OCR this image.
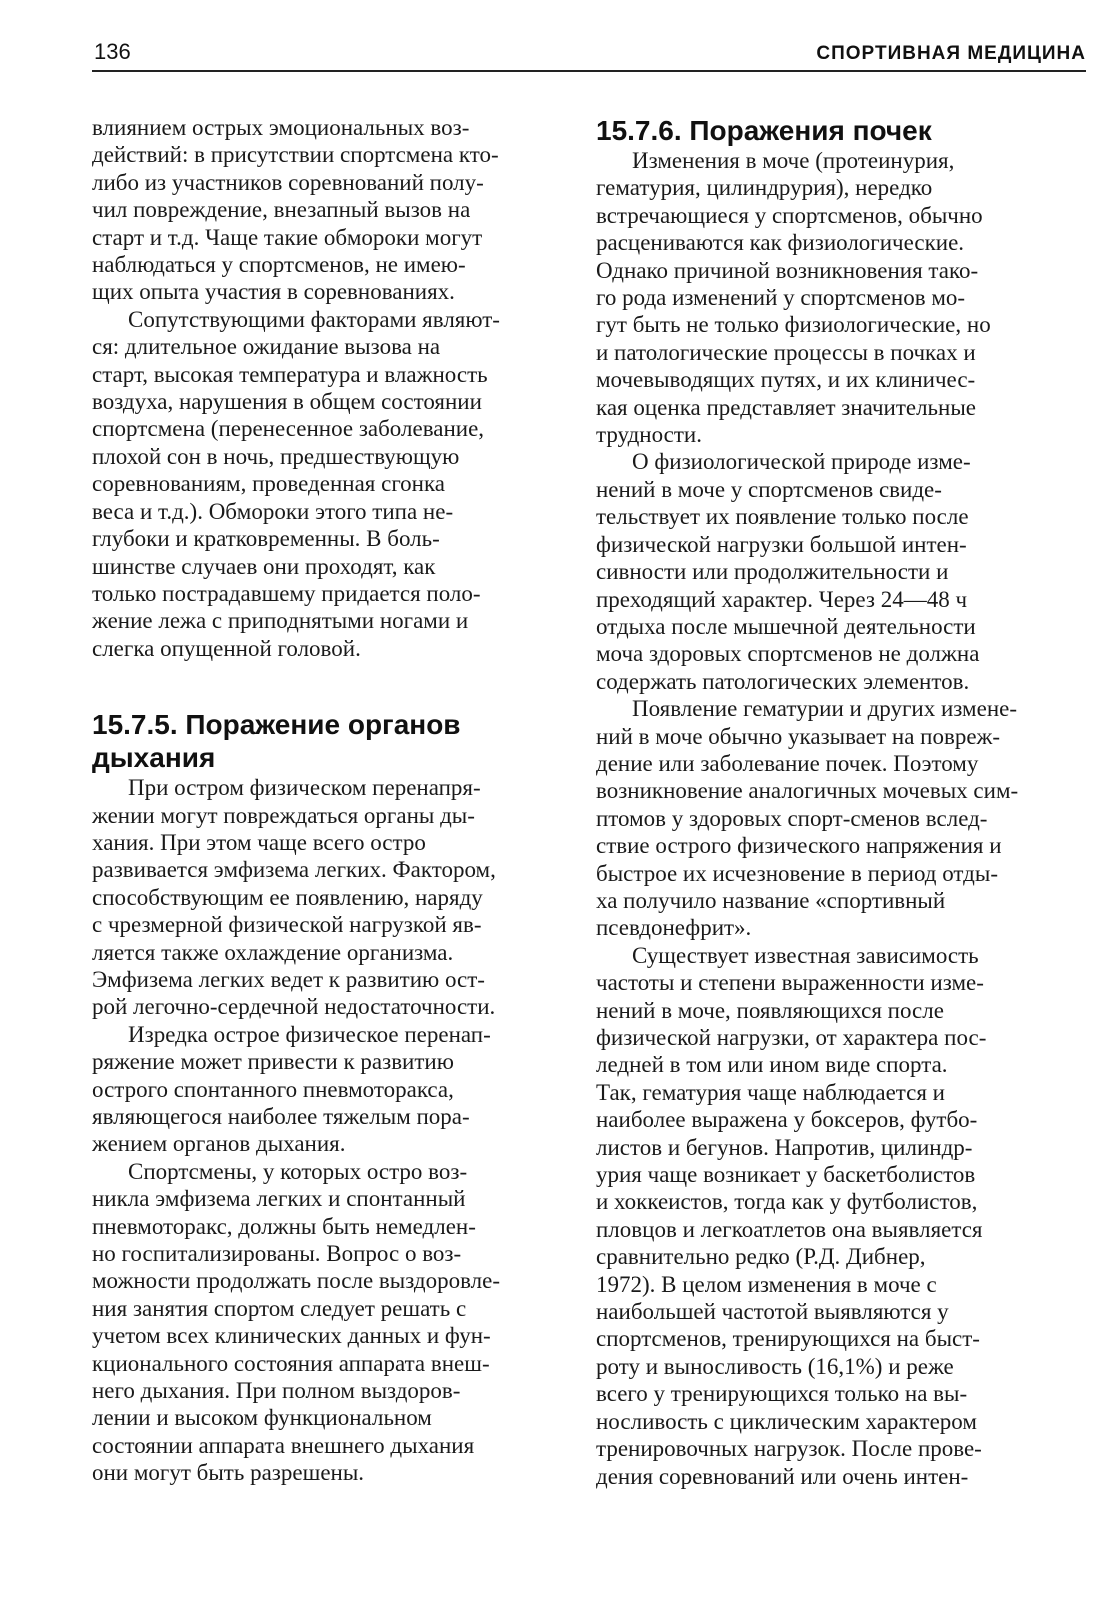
136	СПОРТИВНАЯ МЕДИЦИНА

влиянием острых эмоциональных воз-
действий: в присутствии спортсмена кто-
либо из участников соревнований полу-
чил повреждение, внезапный вызов на
старт и т.д. Чаще такие обмороки могут
наблюдаться у спортсменов, не имею-
щих опыта участия в соревнованиях.

Сопутствующими факторами являют-
ся: длительное ожидание вызова на
старт, высокая температура и влажность
воздуха, нарушения в общем состоянии
спортсмена (перенесенное заболевание,
плохой сон в ночь, предшествующую
соревнованиям, проведенная сгонка
веса и т.д.). Обмороки этого типа не-
глубоки и кратковременны. В боль-
шинстве случаев они проходят, как
только пострадавшему придается поло-
жение лежа с приподнятыми ногами и
слегка опущенной головой.

15.7.5. Поражение органов
дыхания

При остром физическом перенапря-
жении могут повреждаться органы ды-
хания. При этом чаще всего остро
развивается эмфизема легких. Фактором,
способствующим ее появлению, наряду
с чрезмерной физической нагрузкой яв-
ляется также охлаждение организма.
Эмфизема легких ведет к развитию ост-
рой легочно-сердечной недостаточности.

Изредка острое физическое перенап-
ряжение может привести к развитию
острого спонтанного пневмоторакса,
являющегося наиболее тяжелым пора-
жением органов дыхания.

Спортсмены, у которых остро воз-
никла эмфизема легких и спонтанный
пневмоторакс, должны быть немедлен-
но госпитализированы. Вопрос о воз-
можности продолжать после выздоровле-
ния занятия спортом следует решать с
учетом всех клинических данных и фун-
кционального состояния аппарата внеш-
него дыхания. При полном выздоров-
лении и высоком функциональном
состоянии аппарата внешнего дыхания
они могут быть разрешены.

15.7.6. Поражения почек

Изменения в моче (протеинурия,
гематурия, цилиндрурия), нередко
встречающиеся у спортсменов, обычно
расцениваются как физиологические.
Однако причиной возникновения тако-
го рода изменений у спортсменов мо-
гут быть не только физиологические, но
и патологические процессы в почках и
мочевыводящих путях, и их клиничес-
кая оценка представляет значительные
трудности.

О физиологической природе изме-
нений в моче у спортсменов свиде-
тельствует их появление только после
физической нагрузки большой интен-
сивности или продолжительности и
преходящий характер. Через 24—48 ч
отдыха после мышечной деятельности
моча здоровых спортсменов не должна
содержать патологических элементов.

Появление гематурии и других измене-
ний в моче обычно указывает на повреж-
дение или заболевание почек. Поэтому
возникновение аналогичных мочевых сим-
птомов у здоровых спорт-сменов вслед-
ствие острого физического напряжения и
быстрое их исчезновение в период отды-
ха получило название «спортивный
псевдонефрит».

Существует известная зависимость
частоты и степени выраженности изме-
нений в моче, появляющихся после
физической нагрузки, от характера пос-
ледней в том или ином виде спорта.
Так, гематурия чаще наблюдается и
наиболее выражена у боксеров, футбо-
листов и бегунов. Напротив, цилиндр-
урия чаще возникает у баскетболистов
и хоккеистов, тогда как у футболистов,
пловцов и легкоатлетов она выявляется
сравнительно редко (Р.Д. Дибнер,
1972). В целом изменения в моче с
наибольшей частотой выявляются у
спортсменов, тренирующихся на быст-
роту и выносливость (16,1%) и реже
всего у тренирующихся только на вы-
носливость с циклическим характером
тренировочных нагрузок. После прове-
дения соревнований или очень интен-
